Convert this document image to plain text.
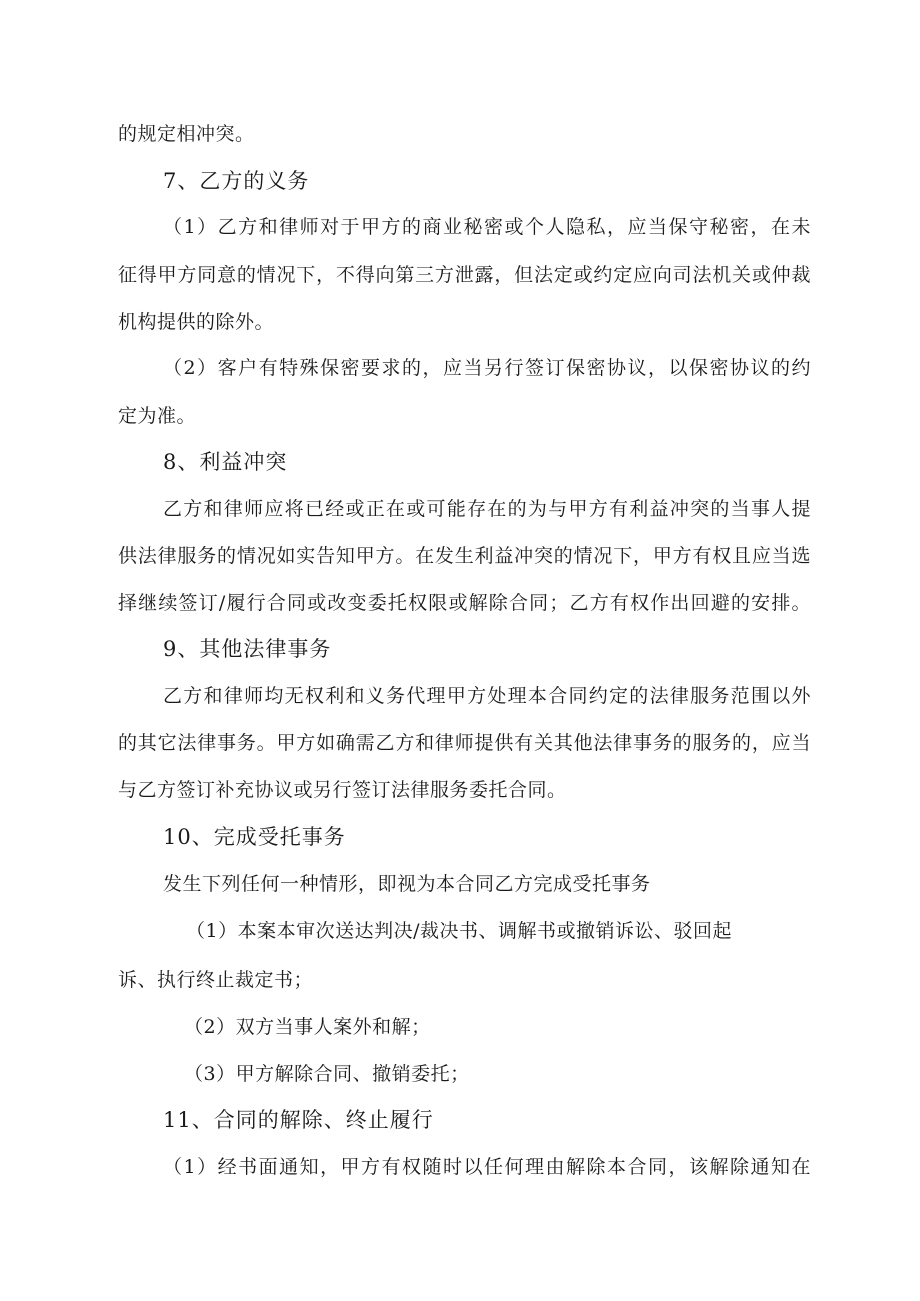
的规定相冲突。
7、乙方的义务
（1）乙方和律师对于甲方的商业秘密或个人隐私，应当保守秘密，在未
征得甲方同意的情况下，不得向第三方泄露，但法定或约定应向司法机关或仲裁
机构提供的除外。
（2）客户有特殊保密要求的，应当另行签订保密协议，以保密协议的约
定为准。
8、利益冲突
乙方和律师应将已经或正在或可能存在的为与甲方有利益冲突的当事人提
供法律服务的情况如实告知甲方。在发生利益冲突的情况下，甲方有权且应当选
择继续签订/履行合同或改变委托权限或解除合同；乙方有权作出回避的安排。
9、其他法律事务
乙方和律师均无权利和义务代理甲方处理本合同约定的法律服务范围以外
的其它法律事务。甲方如确需乙方和律师提供有关其他法律事务的服务的，应当
与乙方签订补充协议或另行签订法律服务委托合同。
10、完成受托事务
发生下列任何一种情形，即视为本合同乙方完成受托事务
（1）本案本审次送达判决/裁决书、调解书或撤销诉讼、驳回起
诉、执行终止裁定书；
（2）双方当事人案外和解；
（3）甲方解除合同、撤销委托；
11、合同的解除、终止履行
（1）经书面通知，甲方有权随时以任何理由解除本合同，该解除通知在
